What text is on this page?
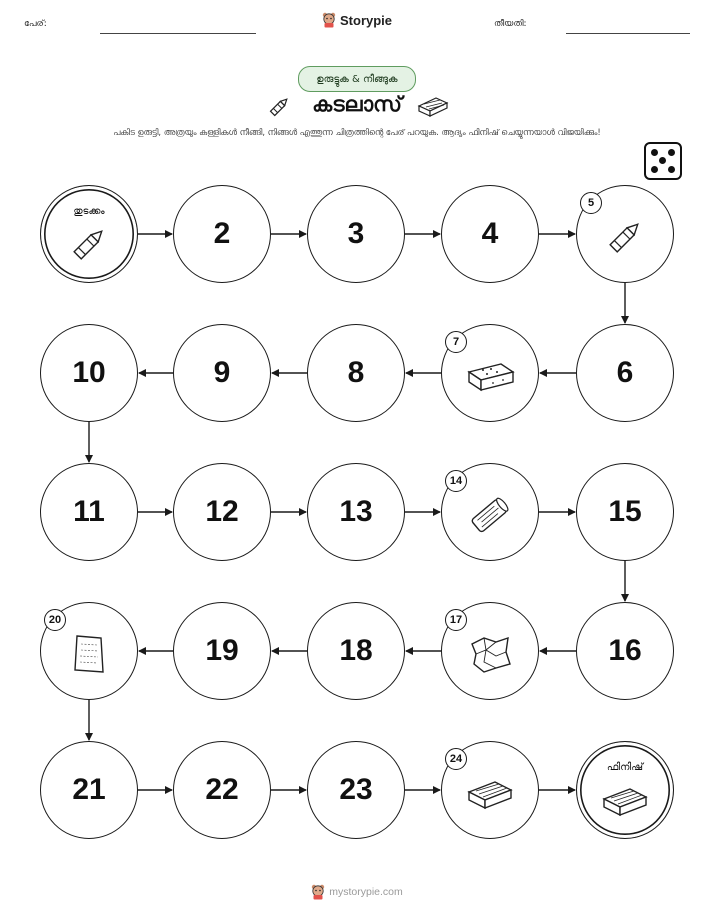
പേര്:	Storypie	തീയതി:
ഉരുട്ടുക & നീങ്ങുക
കടലാസ്
പകിട ഉരുട്ടി, അത്രയും കള്ളികൾ നീങ്ങി, നിങ്ങൾ എത്തുന്ന ചിത്രത്തിന്റെ പേര് പറയുക. ആദ്യം ഫിനിഷ് ചെയ്യുന്നയാൾ വിജയിക്കും!
തുടക്കം
2	3	4
5
6
7
8
9
10
11	12	13
14
15
16
17
18
19
20
21	22	23
24
ഫിനിഷ്
mystorypie.com
